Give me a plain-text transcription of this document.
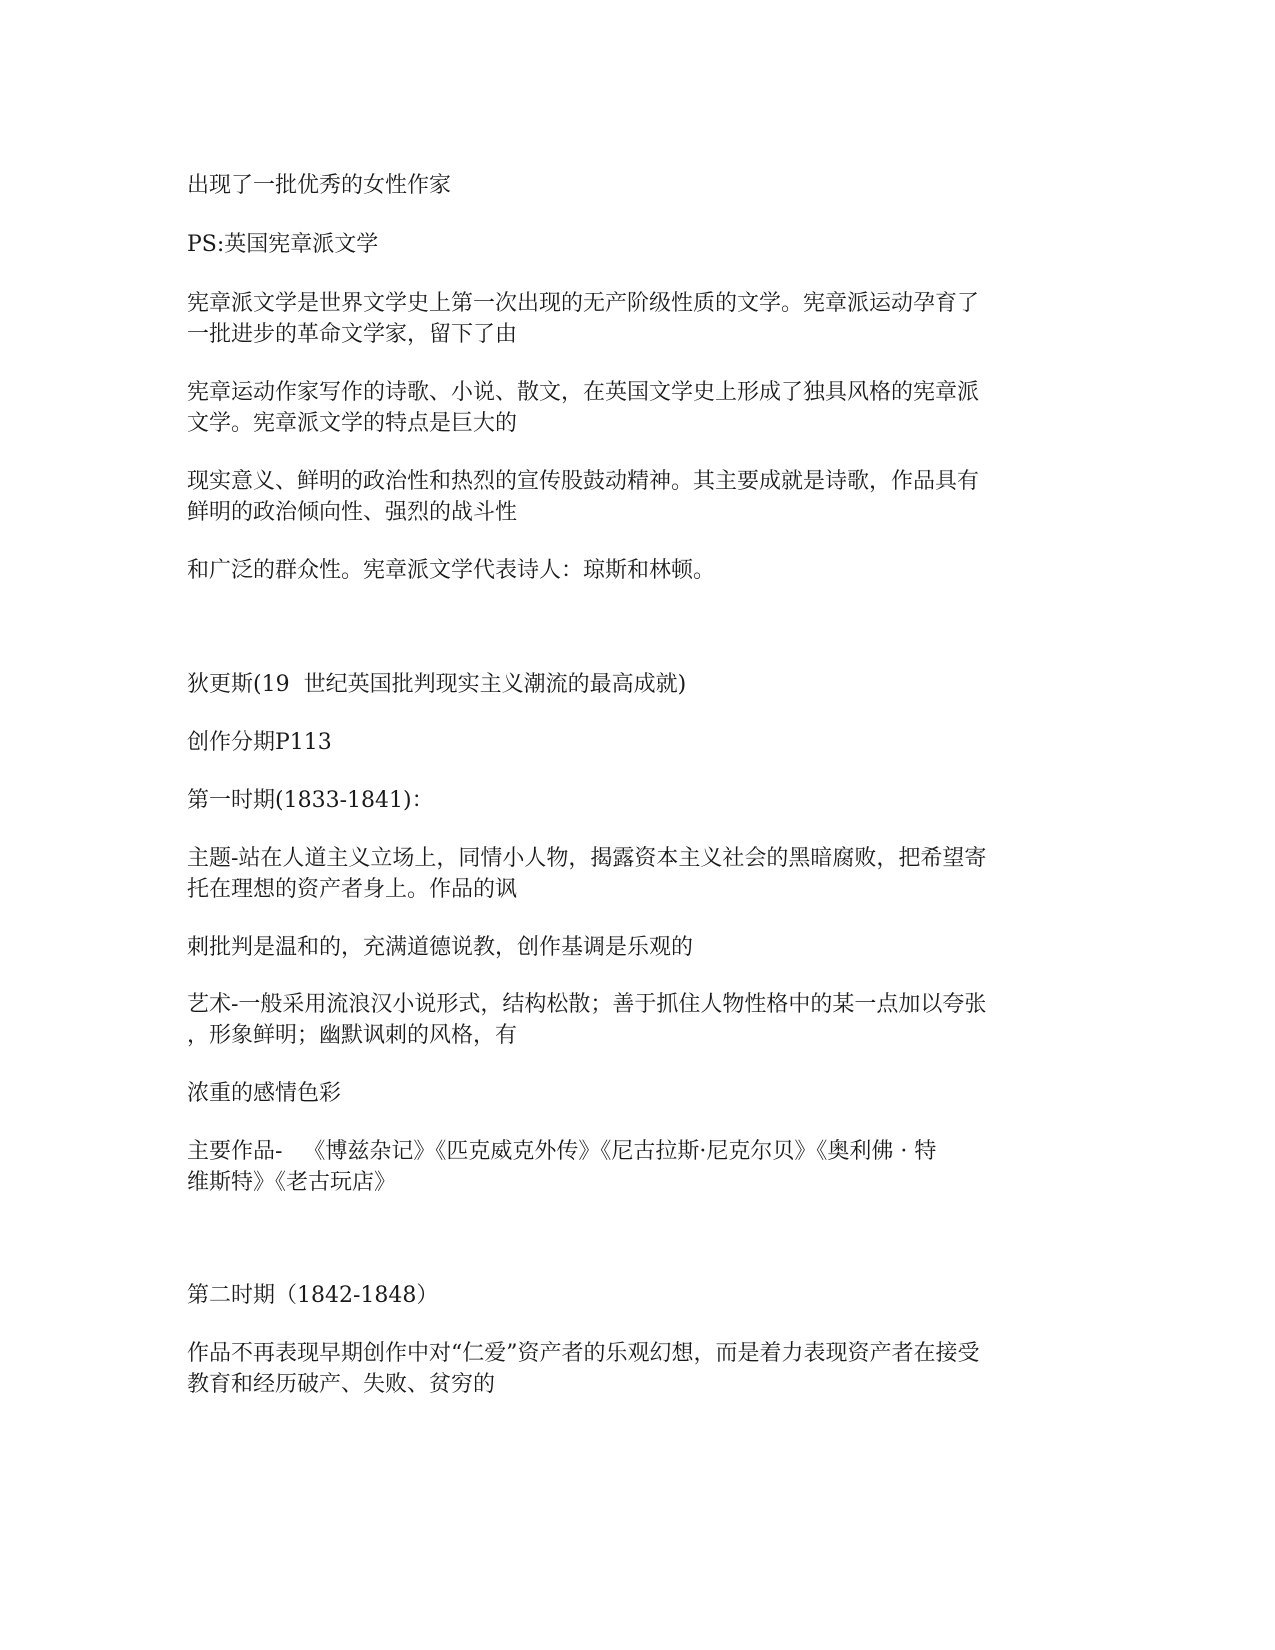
出现了一批优秀的女性作家

PS:英国宪章派文学

宪章派文学是世界文学史上第一次出现的无产阶级性质的文学。宪章派运动孕育了
一批进步的革命文学家，留下了由

宪章运动作家写作的诗歌、小说、散文，在英国文学史上形成了独具风格的宪章派
文学。宪章派文学的特点是巨大的

现实意义、鲜明的政治性和热烈的宣传股鼓动精神。其主要成就是诗歌，作品具有
鲜明的政治倾向性、强烈的战斗性

和广泛的群众性。宪章派文学代表诗人：琼斯和林顿。

狄更斯(19  世纪英国批判现实主义潮流的最高成就)

创作分期P113

第一时期(1833-1841)：

主题-站在人道主义立场上，同情小人物，揭露资本主义社会的黑暗腐败，把希望寄
托在理想的资产者身上。作品的讽

刺批判是温和的，充满道德说教，创作基调是乐观的

艺术-一般采用流浪汉小说形式，结构松散；善于抓住人物性格中的某一点加以夸张
，形象鲜明；幽默讽刺的风格，有

浓重的感情色彩

主要作品-   《博兹杂记》《匹克威克外传》《尼古拉斯·尼克尔贝》《奥利佛 · 特
维斯特》《老古玩店》

第二时期（1842-1848）

作品不再表现早期创作中对“仁爱”资产者的乐观幻想，而是着力表现资产者在接受
教育和经历破产、失败、贫穷的
